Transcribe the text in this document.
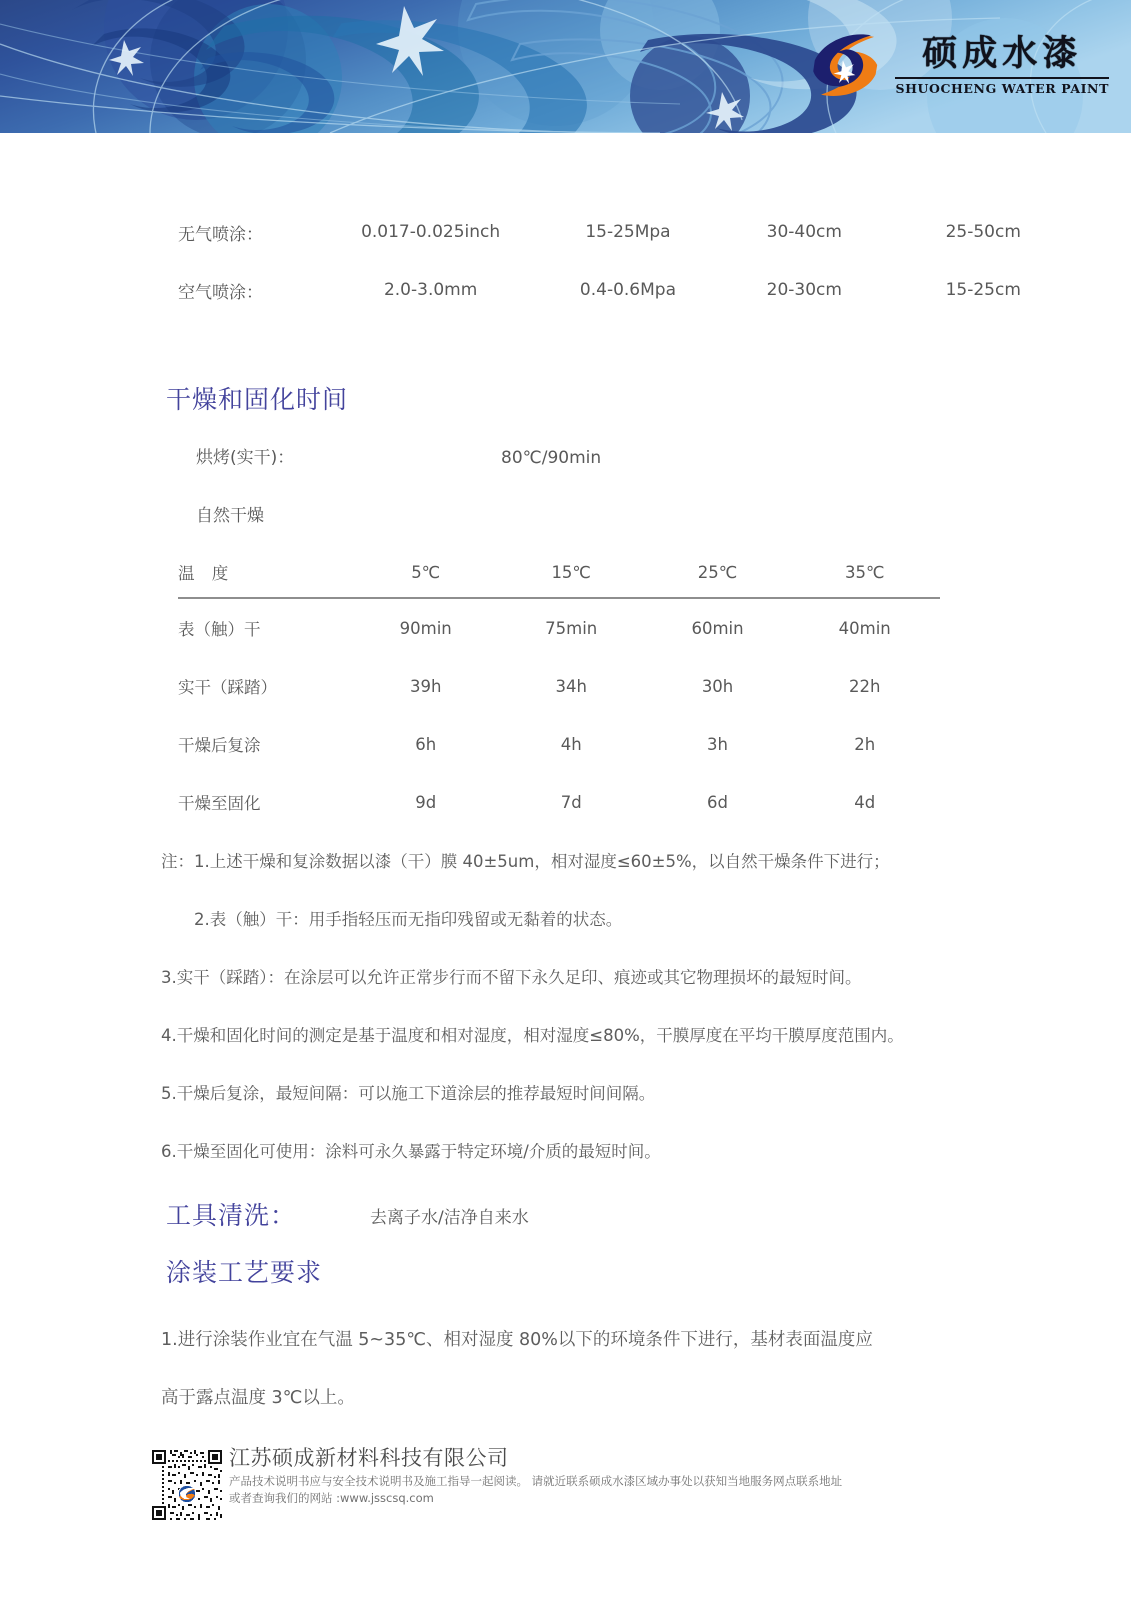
硕成水漆
SHUOCHENG WATER PAINT
无气喷涂：	0.017-0.025inch	15-25Mpa	30-40cm	25-50cm
空气喷涂：	2.0-3.0mm	0.4-0.6Mpa	20-30cm	15-25cm
干燥和固化时间
烘烤(实干)：	80℃/90min
自然干燥
温 度	5℃	15℃	25℃	35℃
表（触）干	90min	75min	60min	40min
实干（踩踏）	39h	34h	30h	22h
干燥后复涂	6h	4h	3h	2h
干燥至固化	9d	7d	6d	4d

注：1.上述干燥和复涂数据以漆（干）膜 40±5um，相对湿度≤60±5%，以自然干燥条件下进行；

2.表（触）干：用手指轻压而无指印残留或无黏着的状态。

3.实干（踩踏）：在涂层可以允许正常步行而不留下永久足印、痕迹或其它物理损坏的最短时间。

4.干燥和固化时间的测定是基于温度和相对湿度，相对湿度≤80%，干膜厚度在平均干膜厚度范围内。

5.干燥后复涂，最短间隔：可以施工下道涂层的推荐最短时间间隔。

6.干燥至固化可使用：涂料可永久暴露于特定环境/介质的最短时间。

工具清洗：	去离子水/洁净自来水
涂装工艺要求
1.进行涂装作业宜在气温 5~35℃、相对湿度 80%以下的环境条件下进行，基材表面温度应
高于露点温度 3℃以上。
江苏硕成新材料科技有限公司
产品技术说明书应与安全技术说明书及施工指导一起阅读。 请就近联系硕成水漆区域办事处以获知当地服务网点联系地址
或者查询我们的网站 :www.jsscsq.com
